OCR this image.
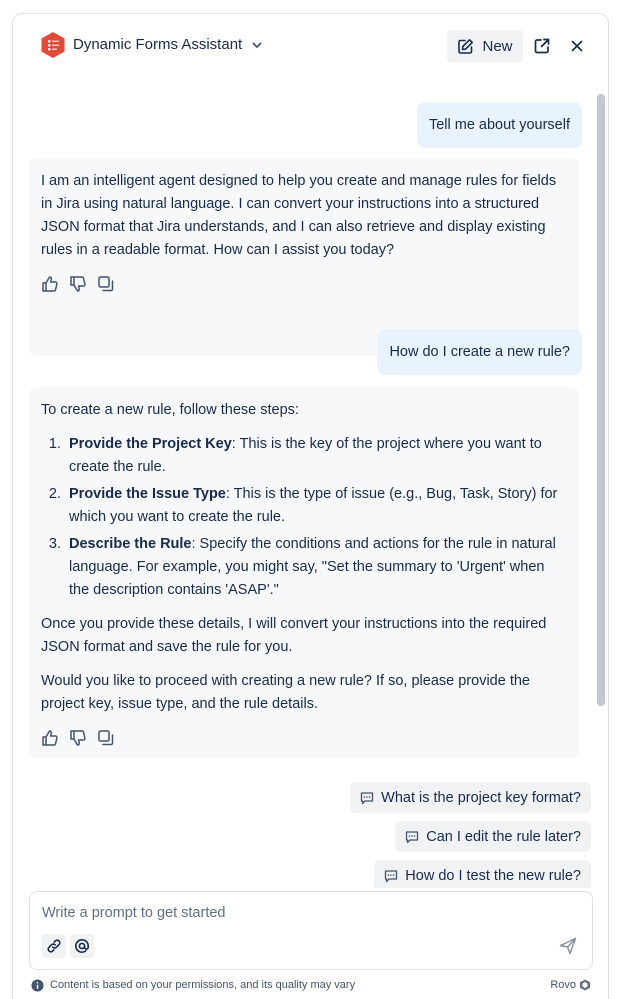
Dynamic Forms Assistant	New
Tell me about yourself

I am an intelligent agent designed to help you create and manage rules for fields in Jira using natural language. I can convert your instructions into a structured JSON format that Jira understands, and I can also retrieve and display existing rules in a readable format. How can I assist you today?

How do I create a new rule?

To create a new rule, follow these steps:

1. Provide the Project Key: This is the key of the project where you want to create the rule.
2. Provide the Issue Type: This is the type of issue (e.g., Bug, Task, Story) for which you want to create the rule.
3. Describe the Rule: Specify the conditions and actions for the rule in natural language. For example, you might say, "Set the summary to 'Urgent' when the description contains 'ASAP'."

Once you provide these details, I will convert your instructions into the required JSON format and save the rule for you.

Would you like to proceed with creating a new rule? If so, please provide the project key, issue type, and the rule details.

What is the project key format?
Can I edit the rule later?
How do I test the new rule?
Write a prompt to get started
Content is based on your permissions, and its quality may vary	Rovo
